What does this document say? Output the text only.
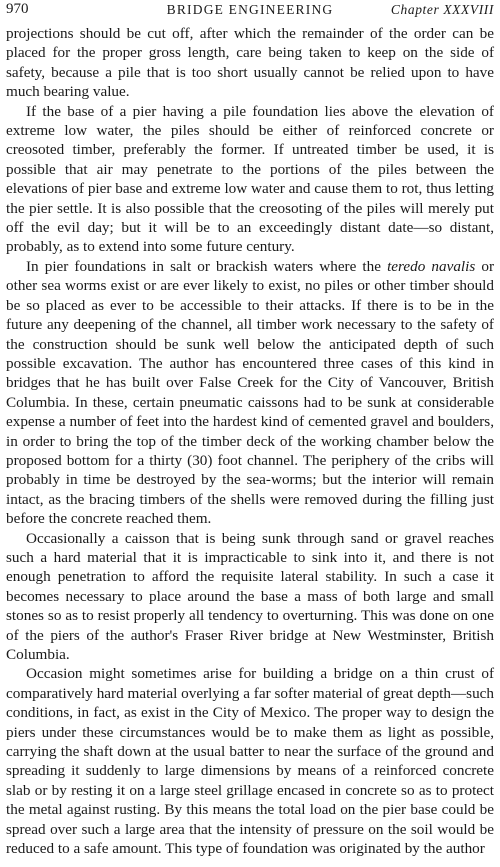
970	BRIDGE ENGINEERING	Chapter XXXVIII

projections should be cut off, after which the remainder of the order can be placed for the proper gross length, care being taken to keep on the side of safety, because a pile that is too short usually cannot be relied upon to have much bearing value.

If the base of a pier having a pile foundation lies above the elevation of extreme low water, the piles should be either of reinforced concrete or creosoted timber, preferably the former. If untreated timber be used, it is possible that air may penetrate to the portions of the piles between the elevations of pier base and extreme low water and cause them to rot, thus letting the pier settle. It is also possible that the creosoting of the piles will merely put off the evil day; but it will be to an exceedingly distant date—so distant, probably, as to extend into some future century.

In pier foundations in salt or brackish waters where the teredo navalis or other sea worms exist or are ever likely to exist, no piles or other timber should be so placed as ever to be accessible to their attacks. If there is to be in the future any deepening of the channel, all timber work necessary to the safety of the construction should be sunk well below the anticipated depth of such possible excavation. The author has encountered three cases of this kind in bridges that he has built over False Creek for the City of Vancouver, British Columbia. In these, certain pneumatic caissons had to be sunk at considerable expense a number of feet into the hardest kind of cemented gravel and boulders, in order to bring the top of the timber deck of the working chamber below the proposed bottom for a thirty (30) foot channel. The periphery of the cribs will probably in time be destroyed by the sea-worms; but the interior will remain intact, as the bracing timbers of the shells were removed during the filling just before the concrete reached them.

Occasionally a caisson that is being sunk through sand or gravel reaches such a hard material that it is impracticable to sink into it, and there is not enough penetration to afford the requisite lateral stability. In such a case it becomes necessary to place around the base a mass of both large and small stones so as to resist properly all tendency to overturning. This was done on one of the piers of the author's Fraser River bridge at New Westminster, British Columbia.

Occasion might sometimes arise for building a bridge on a thin crust of comparatively hard material overlying a far softer material of great depth—such conditions, in fact, as exist in the City of Mexico. The proper way to design the piers under these circumstances would be to make them as light as possible, carrying the shaft down at the usual batter to near the surface of the ground and spreading it suddenly to large dimensions by means of a reinforced concrete slab or by resting it on a large steel grillage encased in concrete so as to protect the metal against rusting. By this means the total load on the pier base could be spread over such a large area that the intensity of pressure on the soil would be reduced to a safe amount. This type of foundation was originated by the author
